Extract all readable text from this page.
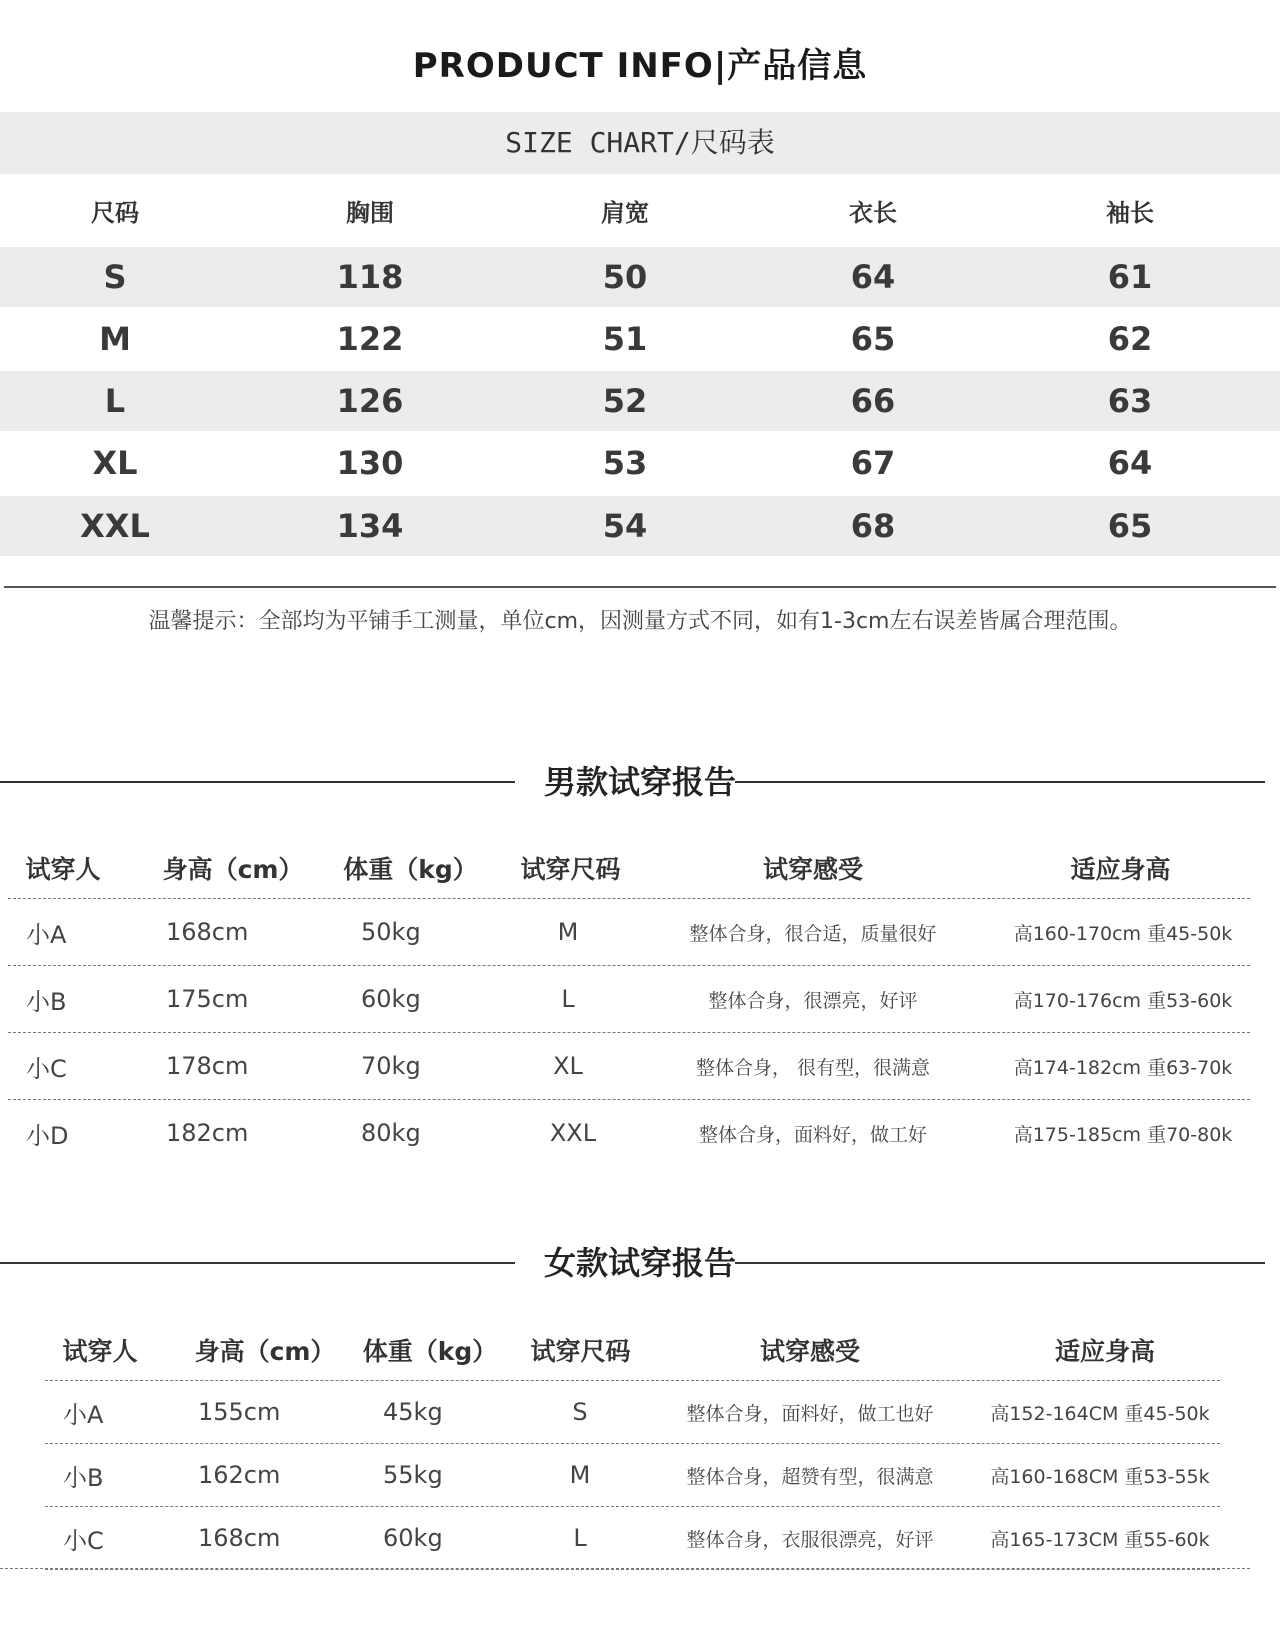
PRODUCT INFO|产品信息
SIZE CHART/尺码表
尺码	胸围	肩宽	衣长	袖长
S	118	50	64	61
M	122	51	65	62
L	126	52	66	63
XL	130	53	67	64
XXL	134	54	68	65
温馨提示：全部均为平铺手工测量，单位cm，因测量方式不同，如有1-3cm左右误差皆属合理范围。
男款试穿报告
试穿人	身高（cm）	体重（kg）	试穿尺码	试穿感受	适应身高
小A	168cm	50kg	M	整体合身，很合适，质量很好	高160-170cm 重45-50k
小B	175cm	60kg	L	整体合身，很漂亮，好评	高170-176cm 重53-60k
小C	178cm	70kg	XL	整体合身， 很有型，很满意	高174-182cm 重63-70k
小D	182cm	80kg	XXL	整体合身，面料好，做工好	高175-185cm 重70-80k
女款试穿报告
试穿人	身高（cm）	体重（kg）	试穿尺码	试穿感受	适应身高
小A	155cm	45kg	S	整体合身，面料好，做工也好	高152-164CM 重45-50k
小B	162cm	55kg	M	整体合身，超赞有型，很满意	高160-168CM 重53-55k
小C	168cm	60kg	L	整体合身，衣服很漂亮，好评	高165-173CM 重55-60k
